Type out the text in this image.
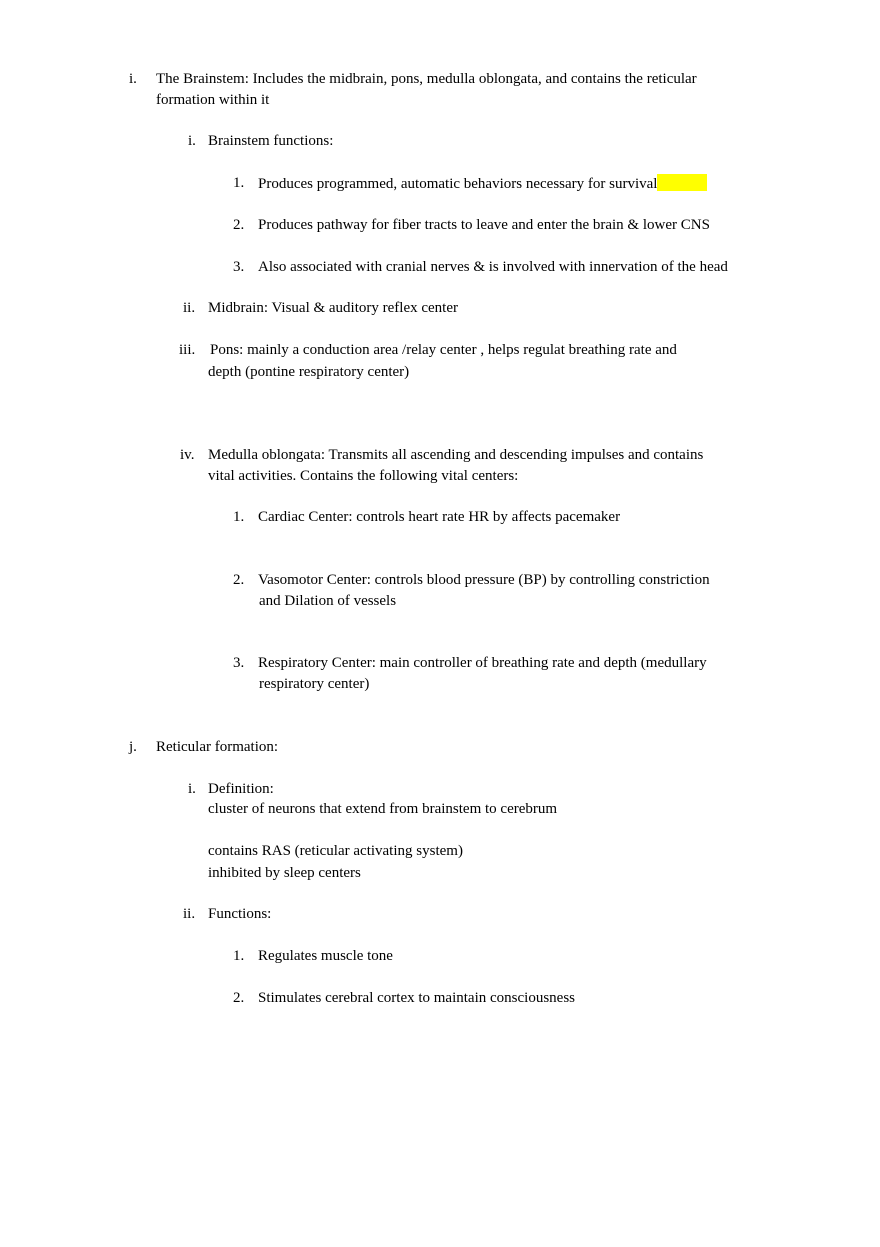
i. The Brainstem: Includes the midbrain, pons, medulla oblongata, and contains the reticular
formation within it
i. Brainstem functions:
1. Produces programmed, automatic behaviors necessary for survival
2. Produces pathway for fiber tracts to leave and enter the brain & lower CNS
3. Also associated with cranial nerves & is involved with innervation of the head
ii. Midbrain: Visual & auditory reflex center
iii. Pons: mainly a conduction area /relay center , helps regulat breathing rate and
depth (pontine respiratory center)
iv. Medulla oblongata: Transmits all ascending and descending impulses and contains
vital activities. Contains the following vital centers:
1. Cardiac Center: controls heart rate HR by affects pacemaker
2. Vasomotor Center: controls blood pressure (BP) by controlling constriction
and Dilation of vessels
3. Respiratory Center: main controller of breathing rate and depth (medullary
respiratory center)
j. Reticular formation:
i. Definition:
cluster of neurons that extend from brainstem to cerebrum
contains RAS (reticular activating system)
inhibited by sleep centers
ii. Functions:
1. Regulates muscle tone
2. Stimulates cerebral cortex to maintain consciousness
